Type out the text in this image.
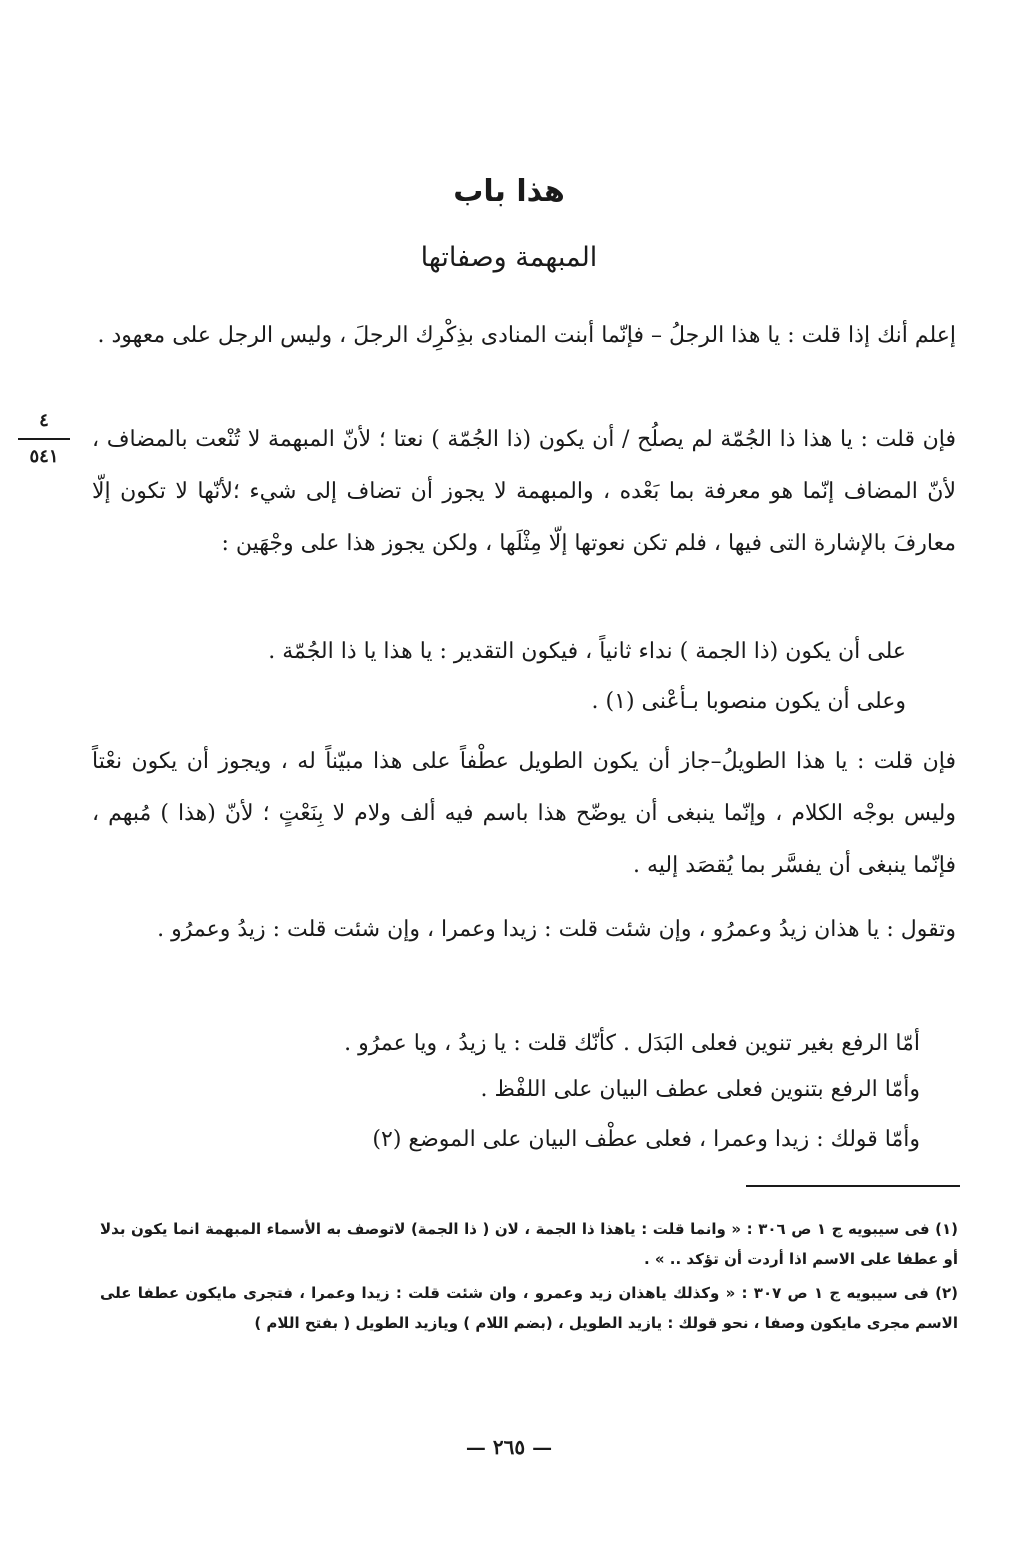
هذا باب
المبهمة وصفاتها
٤
٥٤١
إعلم أنك إذا قلت : يا هذا الرجلُ – فإنّما أبنت المنادى بذِكْرِك الرجلَ ، وليس الرجل على معهود .
فإن قلت : يا هذا ذا الجُمّة لم يصلُح / أن يكون (ذا الجُمّة ) نعتا ؛ لأنّ المبهمة لا تُنْعت بالمضاف ، لأنّ المضاف إنّما هو معرفة بما بَعْده ، والمبهمة لا يجوز أن تضاف إلى شيء ؛لأنّها لا تكون إلّا معارفَ بالإشارة التى فيها ، فلم تكن نعوتها إلّا مِثْلَها ، ولكن يجوز هذا على وجْهَين :
على أن يكون (ذا الجمة ) نداء ثانياً ، فيكون التقدير : يا هذا يا ذا الجُمّة .
وعلى أن يكون منصوبا بـأعْنى (١) .
فإن قلت : يا هذا الطويلُ–جاز أن يكون الطويل عطْفاً على هذا مبيّناً له ، ويجوز أن يكون نعْتاً وليس بوجْه الكلام ، وإنّما ينبغى أن يوضّح هذا باسم فيه ألف ولام لا بِنَعْتٍ ؛ لأنّ (هذا ) مُبهم ، فإنّما ينبغى أن يفسَّر بما يُقصَد إليه .
وتقول : يا هذان زيدُ وعمرُو ، وإن شئت قلت : زيدا وعمرا ، وإن شئت قلت : زيدُ وعمرُو .
أمّا الرفع بغير تنوين فعلى البَدَل . كأنّك قلت : يا زيدُ ، ويا عمرُو .
وأمّا الرفع بتنوين فعلى عطف البيان على اللفْظ .
وأمّا قولك : زيدا وعمرا ، فعلى عطْف البيان على الموضع (٢)

(١) فى سيبويه ج ١ ص ٣٠٦ : « وانما قلت : ياهذا ذا الجمة ، لان ( ذا الجمة) لاتوصف به الأسماء المبهمة انما يكون بدلا أو عطفا على الاسم اذا أردت أن تؤكد .. » .

(٢) فى سيبويه ج ١ ص ٣٠٧ : « وكذلك ياهذان زيد وعمرو ، وان شئت قلت : زيدا وعمرا ، فتجرى مايكون عطفا على الاسم مجرى مايكون وصفا ، نحو قولك : يازيد الطويل ، (بضم اللام ) ويازيد الطويل ( بفتح اللام )

— ٢٦٥ —
